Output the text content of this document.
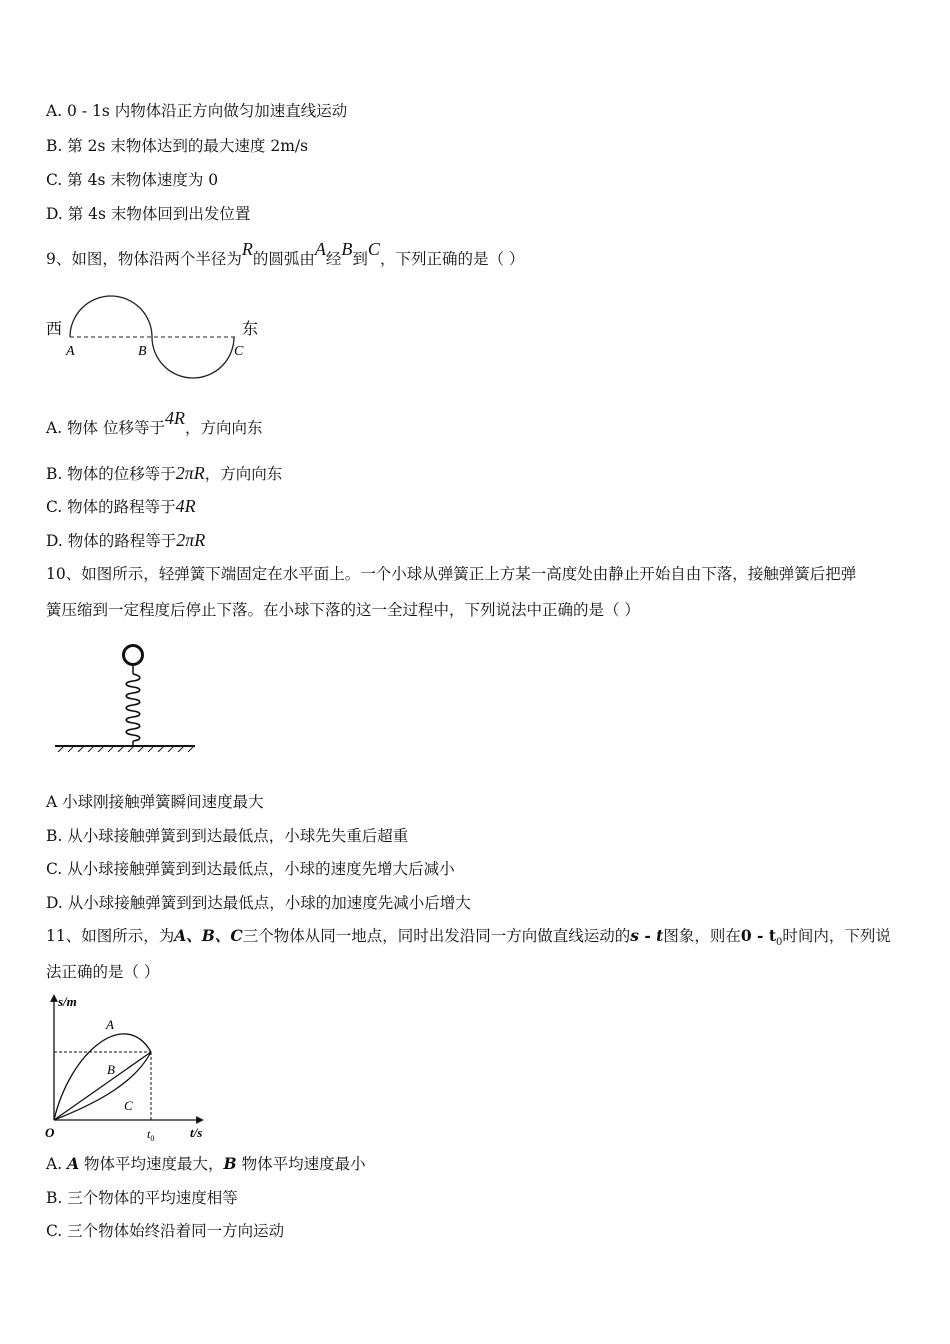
A. 0 - 1s 内物体沿正方向做匀加速直线运动
B. 第 2s 末物体达到的最大速度 2m/s
C. 第 4s 末物体速度为 0
D. 第 4s 末物体回到出发位置
9、如图，物体沿两个半径为R的圆弧由A经B到C，下列正确的是（ ）
西	东
A	B	C
A. 物体 位移等于4R，方向向东
B. 物体的位移等于2πR，方向向东
C. 物体的路程等于4R
D. 物体的路程等于2πR
10、如图所示，轻弹簧下端固定在水平面上。一个小球从弹簧正上方某一高度处由静止开始自由下落，接触弹簧后把弹
簧压缩到一定程度后停止下落。在小球下落的这一全过程中，下列说法中正确的是（ ）
A 小球刚接触弹簧瞬间速度最大
B. 从小球接触弹簧到到达最低点，小球先失重后超重
C. 从小球接触弹簧到到达最低点，小球的速度先增大后减小
D. 从小球接触弹簧到到达最低点，小球的加速度先减小后增大
11、如图所示，为A、B、C三个物体从同一地点，同时出发沿同一方向做直线运动的s - t图象，则在$0 - t_0$时间内，下列说
法正确的是（ ）
s/m
t/s
O	$t_0$
A
B
C
A. A 物体平均速度最大，B 物体平均速度最小
B. 三个物体的平均速度相等
C. 三个物体始终沿着同一方向运动
